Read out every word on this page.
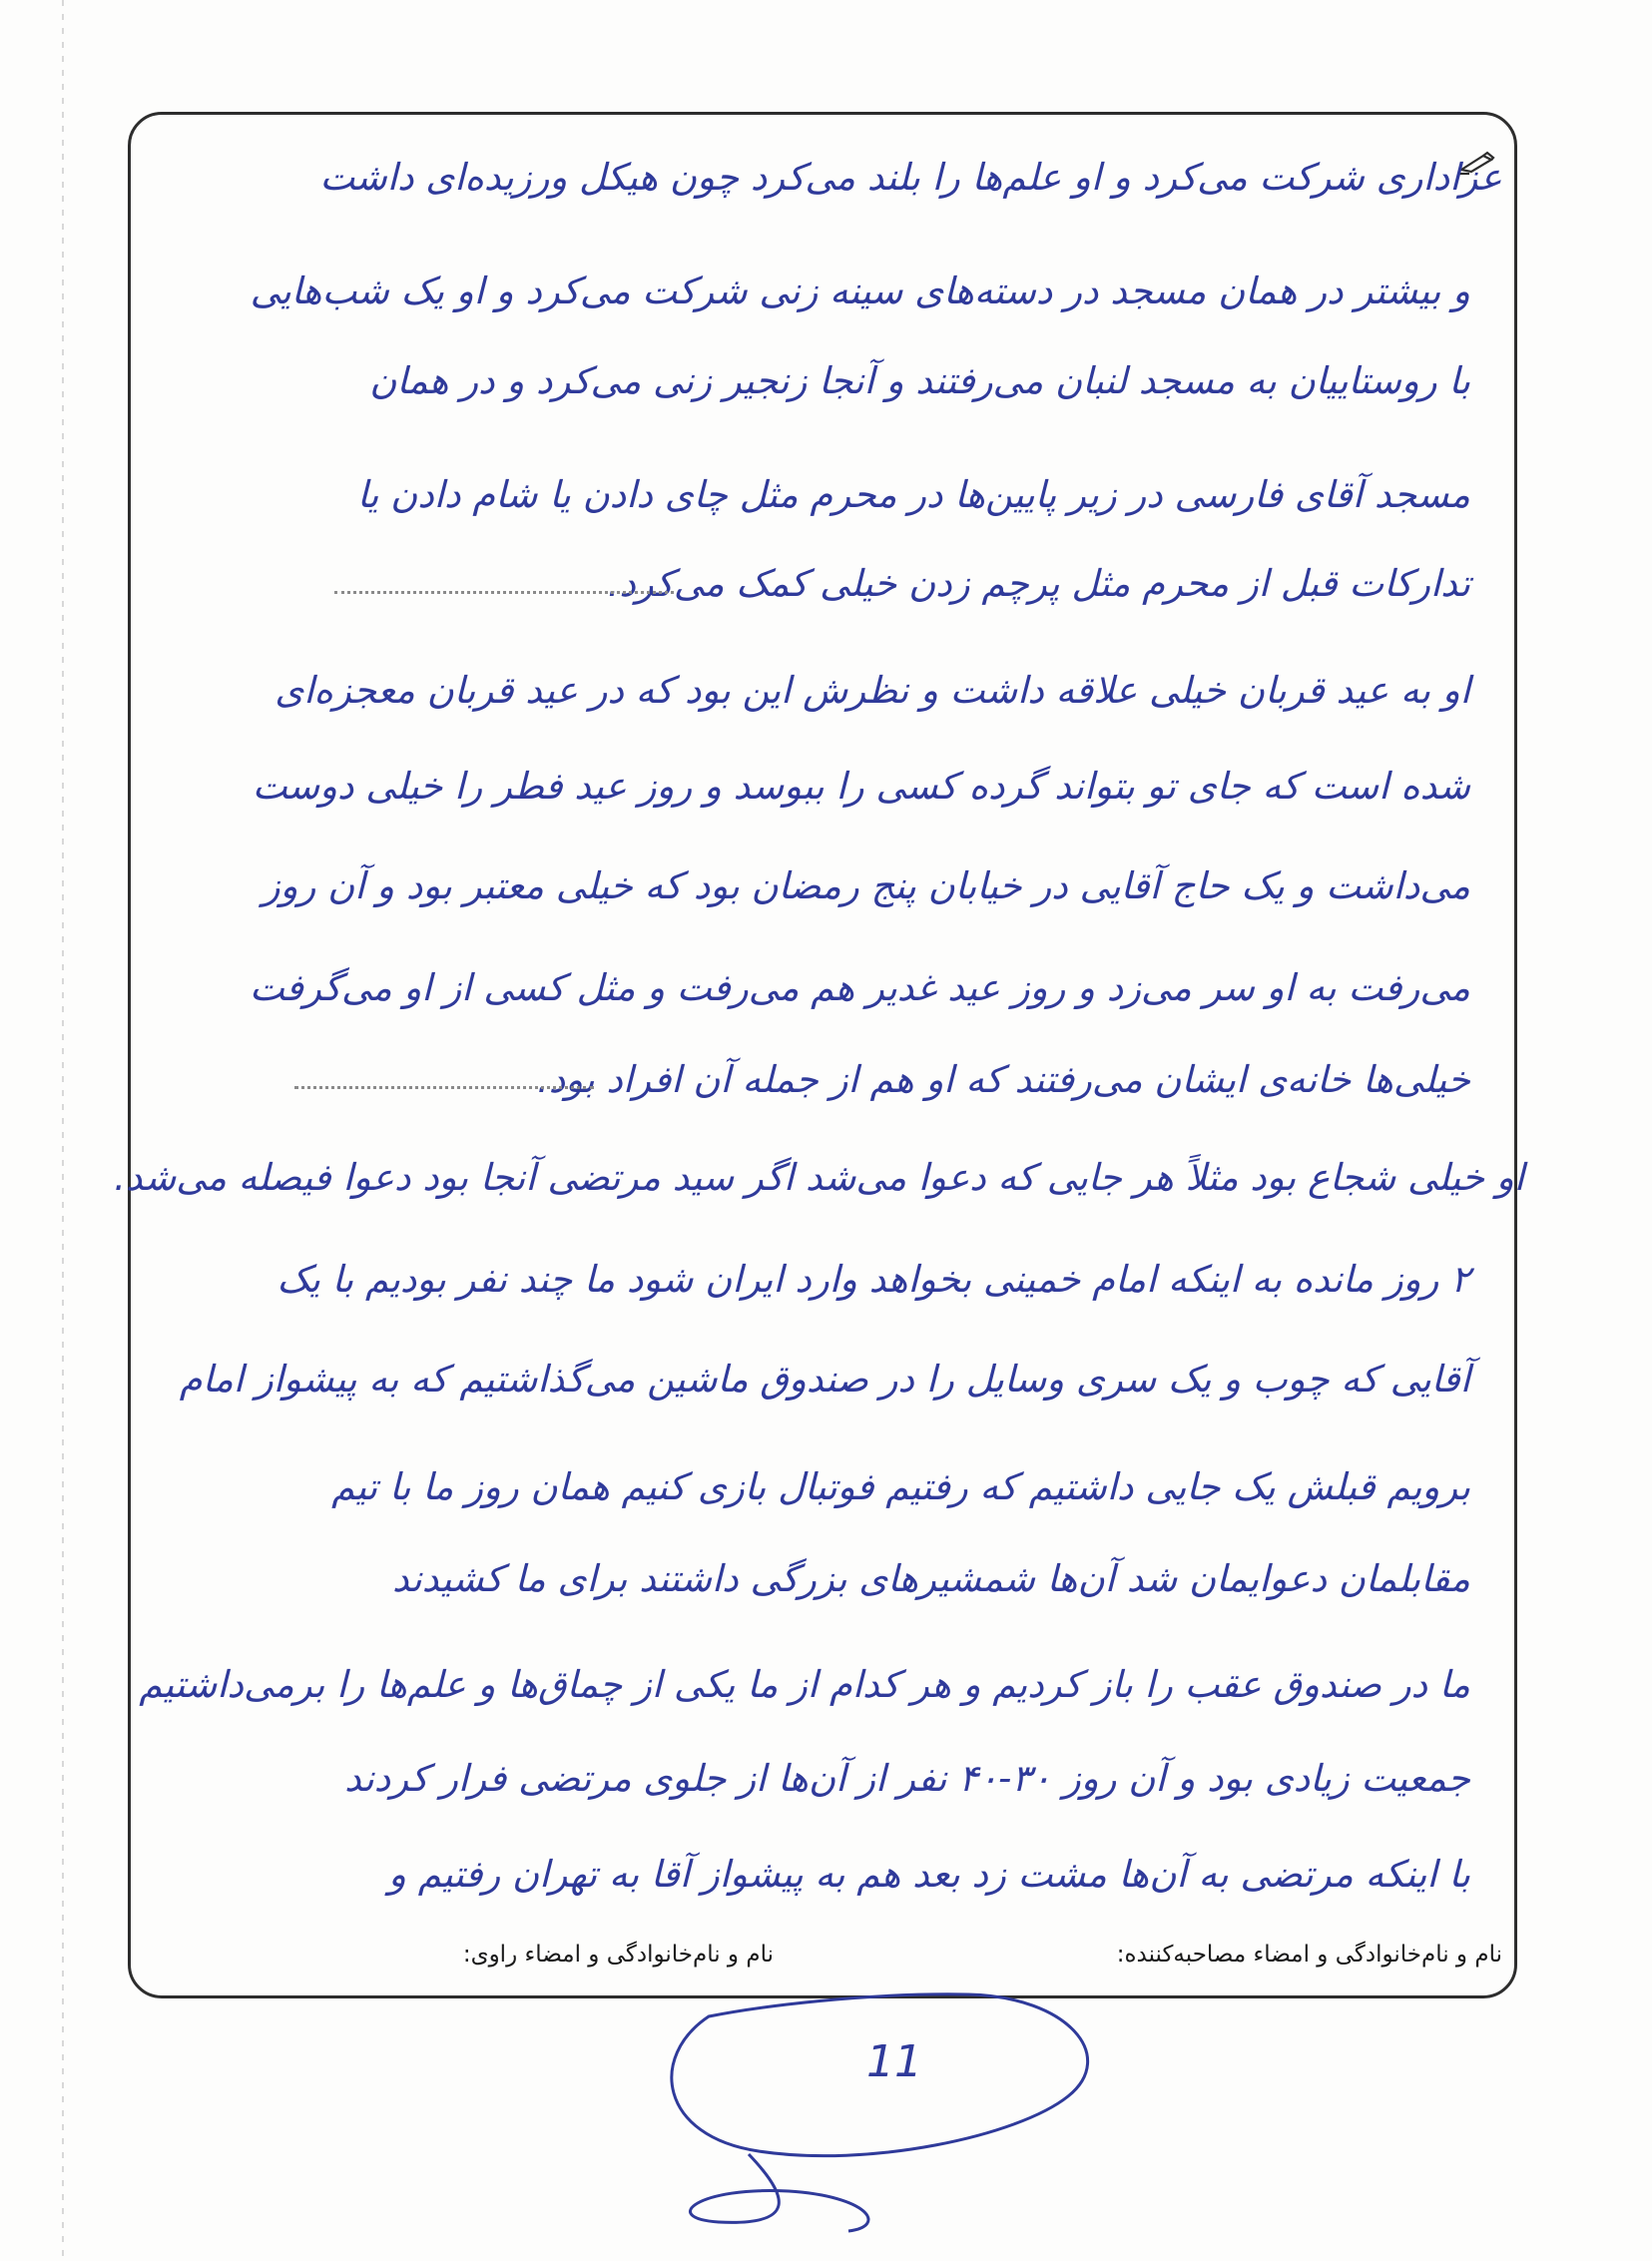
عزاداری شرکت می‌کرد و او علم‌ها را بلند می‌کرد چون هیکل ورزیده‌ای داشت
و بیشتر در همان مسجد در دسته‌های سینه زنی شرکت می‌کرد و او یک شب‌هایی
با روستاییان به مسجد لنبان می‌رفتند و آنجا زنجیر زنی می‌کرد و در همان
مسجد آقای فارسی در زیر پایین‌ها در محرم مثل چای دادن یا شام دادن یا
تدارکات قبل از محرم مثل پرچم زدن خیلی کمک می‌کرد.
او به عید قربان خیلی علاقه داشت و نظرش این بود که در عید قربان معجزه‌ای
شده است که جای تو بتواند گرده کسی را ببوسد و روز عید فطر را خیلی دوست
می‌داشت و یک حاج آقایی در خیابان پنج رمضان بود که خیلی معتبر بود و آن روز
می‌رفت به او سر می‌زد و روز عید غدیر هم می‌رفت و مثل کسی از او می‌گرفت
خیلی‌ها خانه‌ی ایشان می‌رفتند که او هم از جمله آن افراد بود.
او خیلی شجاع بود مثلاً هر جایی که دعوا می‌شد اگر سید مرتضی آنجا بود دعوا فیصله می‌شد.
۲ روز مانده به اینکه امام خمینی بخواهد وارد ایران شود ما چند نفر بودیم با یک
آقایی که چوب و یک سری وسایل را در صندوق ماشین می‌گذاشتیم که به پیشواز امام
برویم قبلش یک جایی داشتیم که رفتیم فوتبال بازی کنیم همان روز ما با تیم
مقابلمان دعوایمان شد آن‌ها شمشیرهای بزرگی داشتند برای ما کشیدند
ما در صندوق عقب را باز کردیم و هر کدام از ما یکی از چماق‌ها و علم‌ها را برمی‌داشتیم
جمعیت زیادی بود و آن روز ۳۰-۴۰ نفر از آن‌ها از جلوی مرتضی فرار کردند
با اینکه مرتضی به آن‌ها مشت زد بعد هم به پیشواز آقا به تهران رفتیم و
نام و نام‌خانوادگی و امضاء مصاحبه‌کننده:
نام و نام‌خانوادگی و امضاء راوی:
11
